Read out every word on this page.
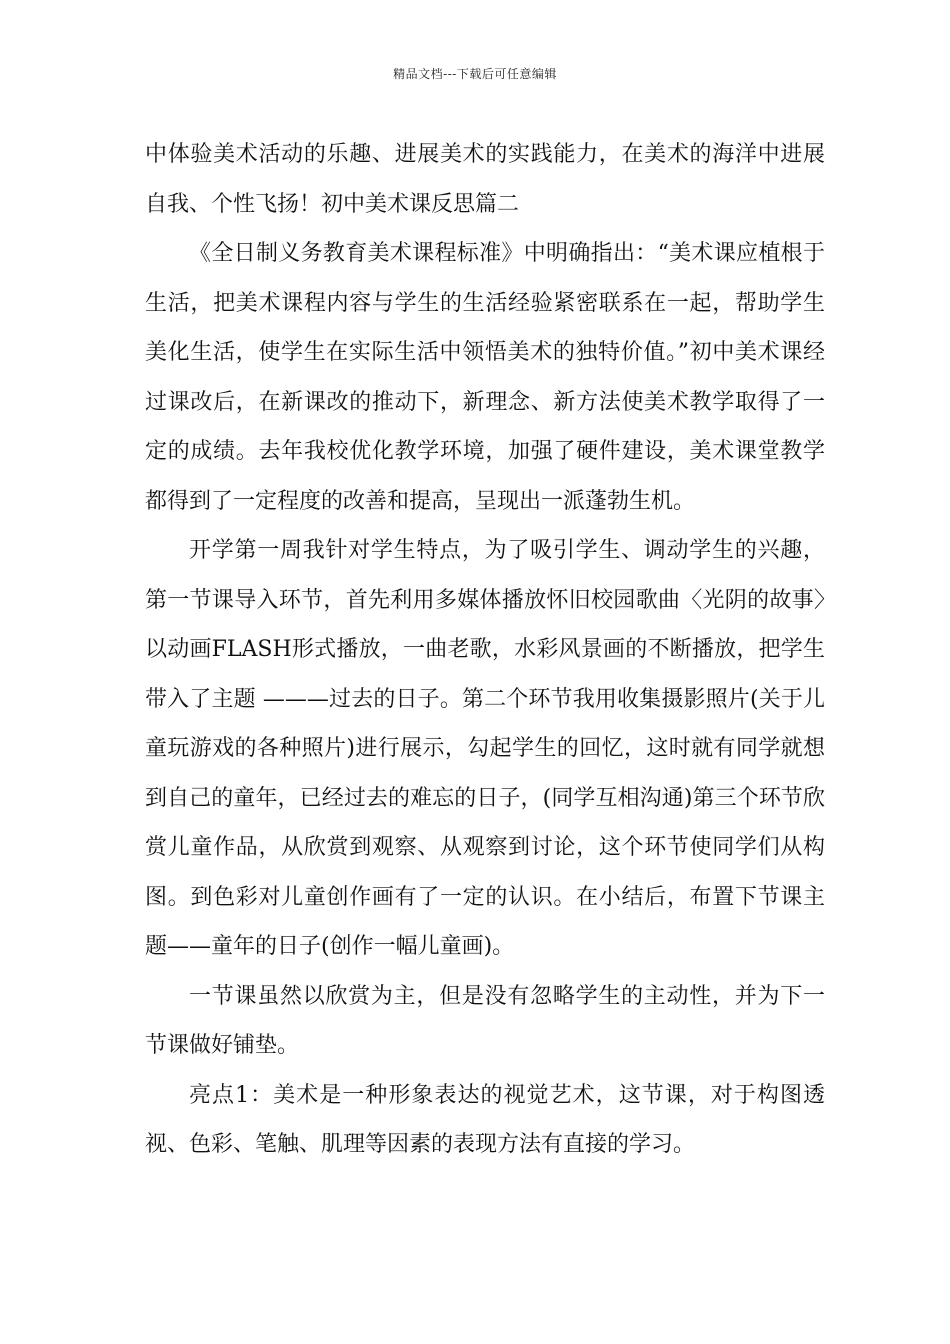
精品文档---下载后可任意编辑

中体验美术活动的乐趣、进展美术的实践能力，在美术的海洋中进展自我、个性飞扬！初中美术课反思篇二

《全日制义务教育美术课程标准》中明确指出：“美术课应植根于生活，把美术课程内容与学生的生活经验紧密联系在一起，帮助学生美化生活，使学生在实际生活中领悟美术的独特价值。”初中美术课经过课改后，在新课改的推动下，新理念、新方法使美术教学取得了一定的成绩。去年我校优化教学环境，加强了硬件建设，美术课堂教学都得到了一定程度的改善和提高，呈现出一派蓬勃生机。

开学第一周我针对学生特点，为了吸引学生、调动学生的兴趣，第一节课导入环节，首先利用多媒体播放怀旧校园歌曲〈光阴的故事〉以动画FLASH形式播放，一曲老歌，水彩风景画的不断播放，把学生带入了主题 ———过去的日子。第二个环节我用收集摄影照片(关于儿童玩游戏的各种照片)进行展示，勾起学生的回忆，这时就有同学就想到自己的童年，已经过去的难忘的日子，(同学互相沟通)第三个环节欣赏儿童作品，从欣赏到观察、从观察到讨论，这个环节使同学们从构图。到色彩对儿童创作画有了一定的认识。在小结后，布置下节课主题——童年的日子(创作一幅儿童画)。

一节课虽然以欣赏为主，但是没有忽略学生的主动性，并为下一节课做好铺垫。

亮点1：美术是一种形象表达的视觉艺术，这节课，对于构图透视、色彩、笔触、肌理等因素的表现方法有直接的学习。
